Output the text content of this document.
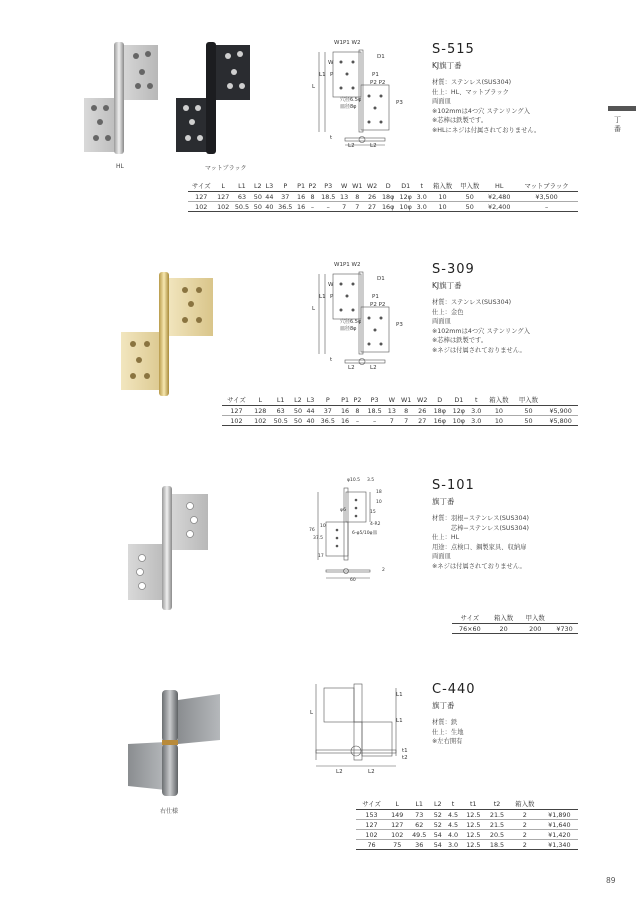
丁番
HL	マットブラック
W1P1 W2
D1
W
L1 P
L
穴径6.5φ
皿径8φ
P1
P2 P2
P3
t
L2	L2
S-515
KJ旗丁番
材質：ステンレス(SUS304)
仕上：HL、マットブラック
両面皿
※102mmは4つ穴 ステンリング入
※芯棒は鉄製です。
※HLにネジは付属されておりません。
サイズ	L	L1	L2	L3	P	P1	P2	P3	W	W1	W2	D	D1	t	箱入数	甲入数	HL	マットブラック
127	127	63	50	44	37	16	8	18.5	13	8	26	18φ	12φ	3.0	10	50	¥2,480	¥3,500
102	102	50.5	50	40	36.5	16	–	–	7	7	27	16φ	10φ	3.0	10	50	¥2,400	–
W1P1 W2
D1
W
L1 P
L
穴径6.5φ
皿径8φ
P1
P2 P2
P3
t
L2	L2
S-309
KJ旗丁番
材質：ステンレス(SUS304)
仕上：金色
両面皿
※102mmは4つ穴 ステンリング入
※芯棒は鉄製です。
※ネジは付属されておりません。
サイズ	L	L1	L2	L3	P	P1	P2	P3	W	W1	W2	D	D1	t	箱入数	甲入数	
127	128	63	50	44	37	16	8	18.5	13	8	26	18φ	12φ	3.0	10	50	¥5,900
102	102	50.5	50	40	36.5	16	–	–	7	7	27	16φ	10φ	3.0	10	50	¥5,800
φ10.5 3.5
φ6
76
37.5
10
10
18
17
15
60
2
4-R2
6-φ5/10φ皿
S-101
旗丁番
材質：羽根−ステンレス(SUS304)
　　　芯棒−ステンレス(SUS304)
仕上：HL
用途：点検口、鋼製家具、収納扉
両面皿
※ネジは付属されておりません。
サイズ	箱入数	甲入数	
76×60	20	200	¥730
右仕様
L
L1
L1
t1
t2
L2	L2
C-440
旗丁番
材質：鉄
仕上：生地
※左右開有
サイズ	L	L1	L2	t	t1	t2	箱入数	
153	149	73	52	4.5	12.5	21.5	2	¥1,890
127	127	62	52	4.5	12.5	21.5	2	¥1,640
102	102	49.5	54	4.0	12.5	20.5	2	¥1,420
76	75	36	54	3.0	12.5	18.5	2	¥1,340
89
